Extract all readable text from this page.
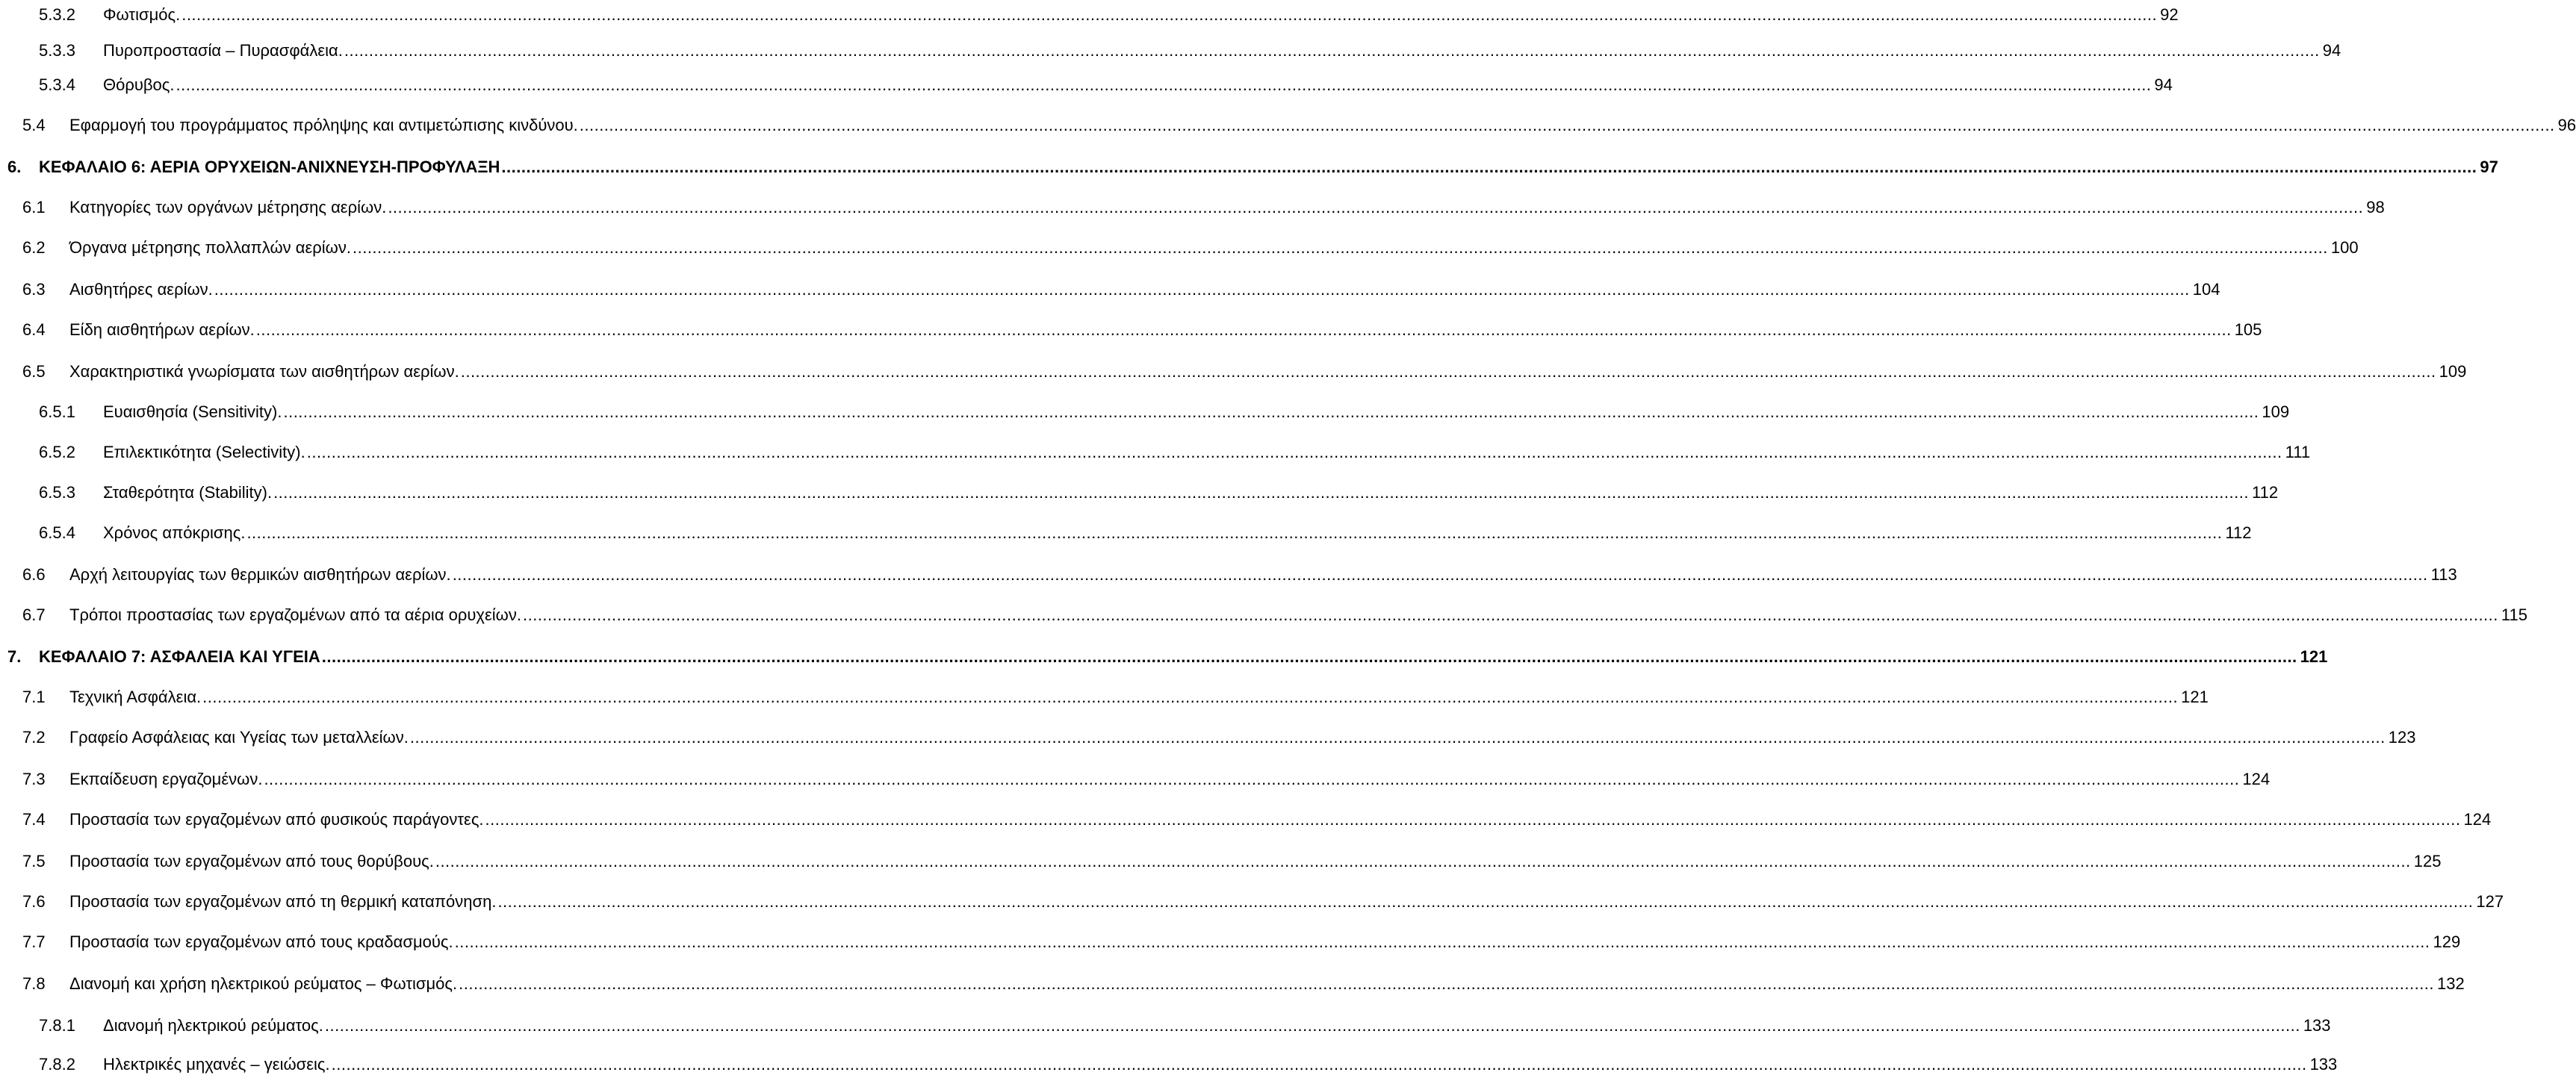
5.3.2 Φωτισμός. ................................................................................................................................................................................................................................................................................................................................................................................................................ 92
5.3.3 Πυροπροστασία – Πυρασφάλεια. ................................................................................................................................................................................................................................................................................................................................................................................................................ 94
5.3.4 Θόρυβος. ................................................................................................................................................................................................................................................................................................................................................................................................................ 94
5.4 Εφαρμογή του προγράμματος πρόληψης και αντιμετώπισης κινδύνου. ................................................................................................................................................................................................................................................................................................................................................................................................................ 96
6. ΚΕΦΑΛΑΙΟ 6: ΑΕΡΙΑ ΟΡΥΧΕΙΩΝ-ΑΝΙΧΝΕΥΣΗ-ΠΡΟΦΥΛΑΞΗ ................................................................................................................................................................................................................................................................................................................................................................................................................ 97
6.1 Κατηγορίες των οργάνων μέτρησης αερίων. ................................................................................................................................................................................................................................................................................................................................................................................................................ 98
6.2 Όργανα μέτρησης πολλαπλών αερίων. ................................................................................................................................................................................................................................................................................................................................................................................................................ 100
6.3 Αισθητήρες αερίων. ................................................................................................................................................................................................................................................................................................................................................................................................................ 104
6.4 Είδη αισθητήρων αερίων. ................................................................................................................................................................................................................................................................................................................................................................................................................ 105
6.5 Χαρακτηριστικά γνωρίσματα των αισθητήρων αερίων. ................................................................................................................................................................................................................................................................................................................................................................................................................ 109
6.5.1 Ευαισθησία (Sensitivity). ................................................................................................................................................................................................................................................................................................................................................................................................................ 109
6.5.2 Επιλεκτικότητα (Selectivity). ................................................................................................................................................................................................................................................................................................................................................................................................................ 111
6.5.3 Σταθερότητα (Stability). ................................................................................................................................................................................................................................................................................................................................................................................................................ 112
6.5.4 Χρόνος απόκρισης. ................................................................................................................................................................................................................................................................................................................................................................................................................ 112
6.6 Αρχή λειτουργίας των θερμικών αισθητήρων αερίων. ................................................................................................................................................................................................................................................................................................................................................................................................................ 113
6.7 Τρόποι προστασίας των εργαζομένων από τα αέρια ορυχείων. ................................................................................................................................................................................................................................................................................................................................................................................................................ 115
7. ΚΕΦΑΛΑΙΟ 7: ΑΣΦΑΛΕΙΑ ΚΑΙ ΥΓΕΙΑ ................................................................................................................................................................................................................................................................................................................................................................................................................ 121
7.1 Τεχνική Ασφάλεια. ................................................................................................................................................................................................................................................................................................................................................................................................................ 121
7.2 Γραφείο Ασφάλειας και Υγείας των μεταλλείων. ................................................................................................................................................................................................................................................................................................................................................................................................................ 123
7.3 Εκπαίδευση εργαζομένων. ................................................................................................................................................................................................................................................................................................................................................................................................................ 124
7.4 Προστασία των εργαζομένων από φυσικούς παράγοντες. ................................................................................................................................................................................................................................................................................................................................................................................................................ 124
7.5 Προστασία των εργαζομένων από τους θορύβους. ................................................................................................................................................................................................................................................................................................................................................................................................................ 125
7.6 Προστασία των εργαζομένων από τη θερμική καταπόνηση. ................................................................................................................................................................................................................................................................................................................................................................................................................ 127
7.7 Προστασία των εργαζομένων από τους κραδασμούς. ................................................................................................................................................................................................................................................................................................................................................................................................................ 129
7.8 Διανομή και χρήση ηλεκτρικού ρεύματος – Φωτισμός. ................................................................................................................................................................................................................................................................................................................................................................................................................ 132
7.8.1 Διανομή ηλεκτρικού ρεύματος. ................................................................................................................................................................................................................................................................................................................................................................................................................ 133
7.8.2 Ηλεκτρικές μηχανές – γειώσεις. ................................................................................................................................................................................................................................................................................................................................................................................................................ 133
